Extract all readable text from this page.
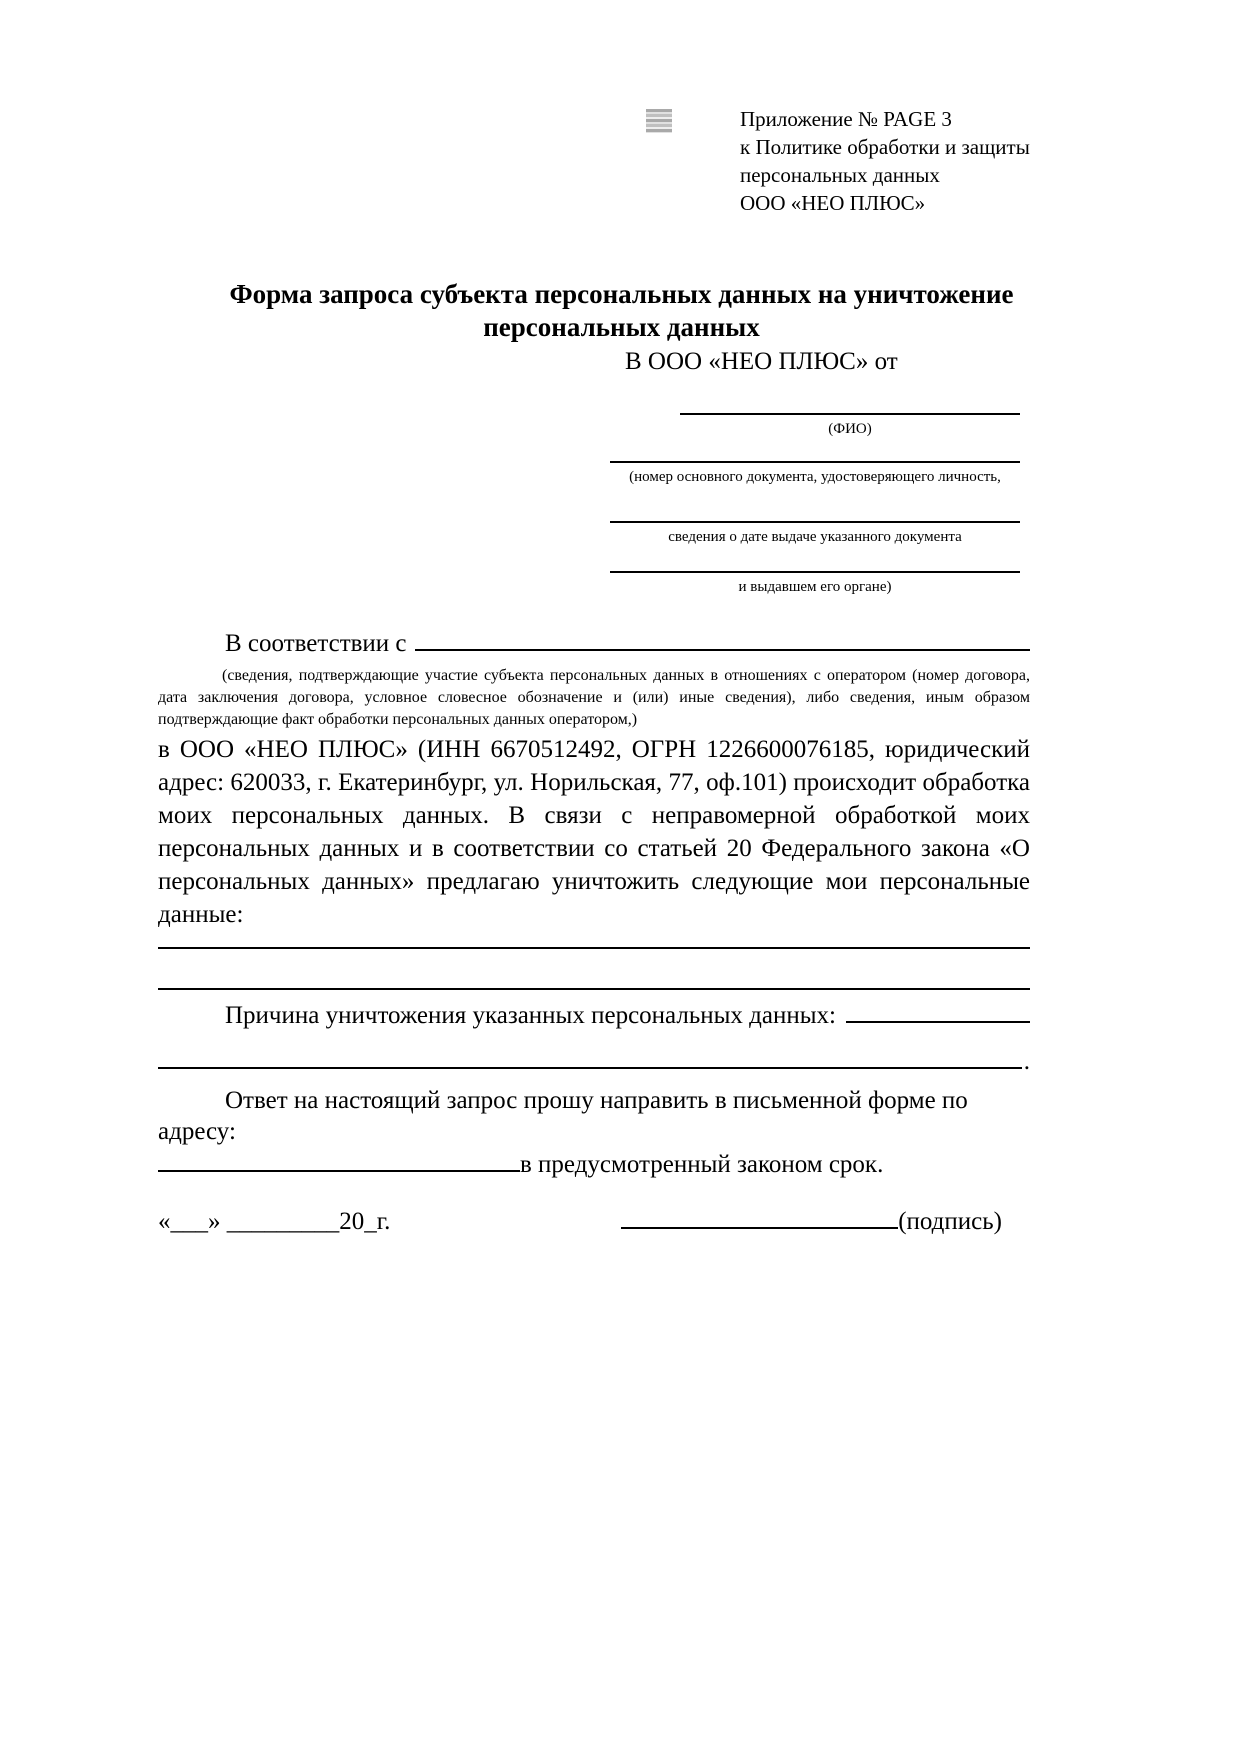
Приложение № PAGE 3
к Политике обработки и защиты
персональных данных
ООО «НЕО ПЛЮС»
Форма запроса субъекта персональных данных на уничтожение
персональных данных
В ООО «НЕО ПЛЮС» от
(ФИО)
(номер основного документа, удостоверяющего личность,
сведения о дате выдаче указанного документа
и выдавшем его органе)
В соответствии с
(сведения, подтверждающие участие субъекта персональных данных в отношениях с оператором (номер договора, дата заключения договора, условное словесное обозначение и (или) иные сведения), либо сведения, иным образом подтверждающие факт обработки персональных данных оператором,)

в ООО «НЕО ПЛЮС» (ИНН 6670512492, ОГРН 1226600076185, юридический адрес: 620033, г. Екатеринбург, ул. Норильская, 77, оф.101) происходит обработка моих персональных данных. В связи с неправомерной обработкой моих персональных данных и в соответствии со статьей 20 Федерального закона «О персональных данных» предлагаю уничтожить следующие мои персональные данные:

Причина уничтожения указанных персональных данных:
.
Ответ на настоящий запрос прошу направить в письменной форме по адресу:
в предусмотренный законом срок.
«___» _________20_г.	(подпись)
